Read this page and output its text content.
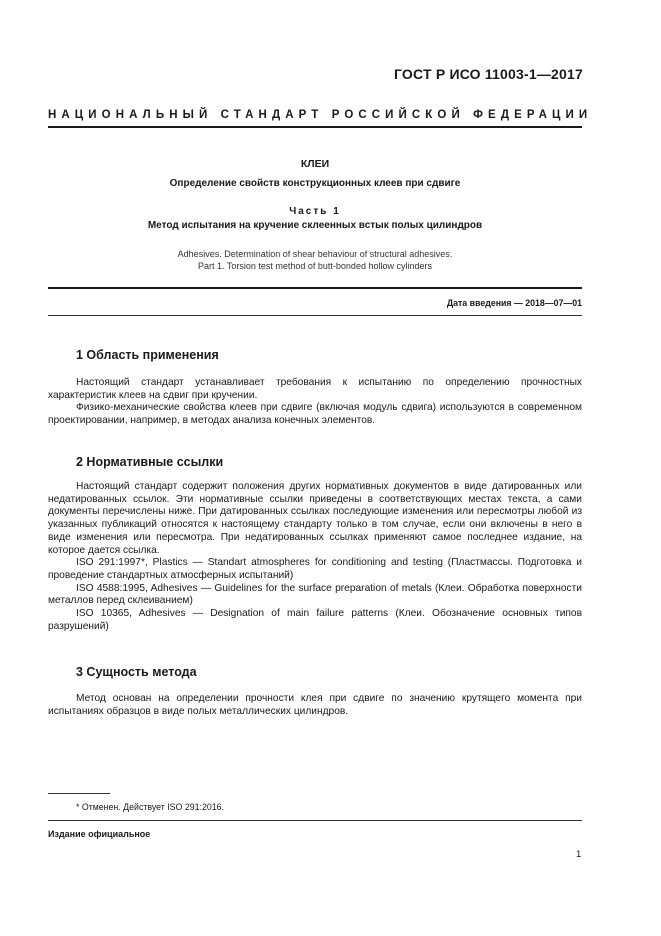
ГОСТ Р ИСО 11003-1—2017
НАЦИОНАЛЬНЫЙ СТАНДАРТ РОССИЙСКОЙ ФЕДЕРАЦИИ
КЛЕИ
Определение свойств конструкционных клеев при сдвиге
Часть 1
Метод испытания на кручение склеенных встык полых цилиндров
Adhesives. Determination of shear behaviour of structural adhesives.
Part 1. Torsion test method of butt-bonded hollow cylinders
Дата введения — 2018—07—01
1 Область применения

Настоящий стандарт устанавливает требования к испытанию по определению прочностных характеристик клеев на сдвиг при кручении.

Физико-механические свойства клеев при сдвиге (включая модуль сдвига) используются в современном проектировании, например, в методах анализа конечных элементов.

2 Нормативные ссылки

Настоящий стандарт содержит положения других нормативных документов в виде датированных или недатированных ссылок. Эти нормативные ссылки приведены в соответствующих местах текста, а сами документы перечислены ниже. При датированных ссылках последующие изменения или пересмотры любой из указанных публикаций относятся к настоящему стандарту только в том случае, если они включены в него в виде изменения или пересмотра. При недатированных ссылках применяют самое последнее издание, на которое дается ссылка.

ISO 291:1997*, Plastics — Standart atmospheres for conditioning and testing (Пластмассы. Подготовка и проведение стандартных атмосферных испытаний)

ISO 4588:1995, Adhesives — Guidelines for the surface preparation of metals (Клеи. Обработка поверхности металлов перед склеиванием)

ISO 10365, Adhesives — Designation of main failure patterns (Клеи. Обозначение основных типов разрушений)

3 Сущность метода

Метод основан на определении прочности клея при сдвиге по значению крутящего момента при испытаниях образцов в виде полых металлических цилиндров.

* Отменен. Действует ISO 291:2016.
Издание официальное
1
